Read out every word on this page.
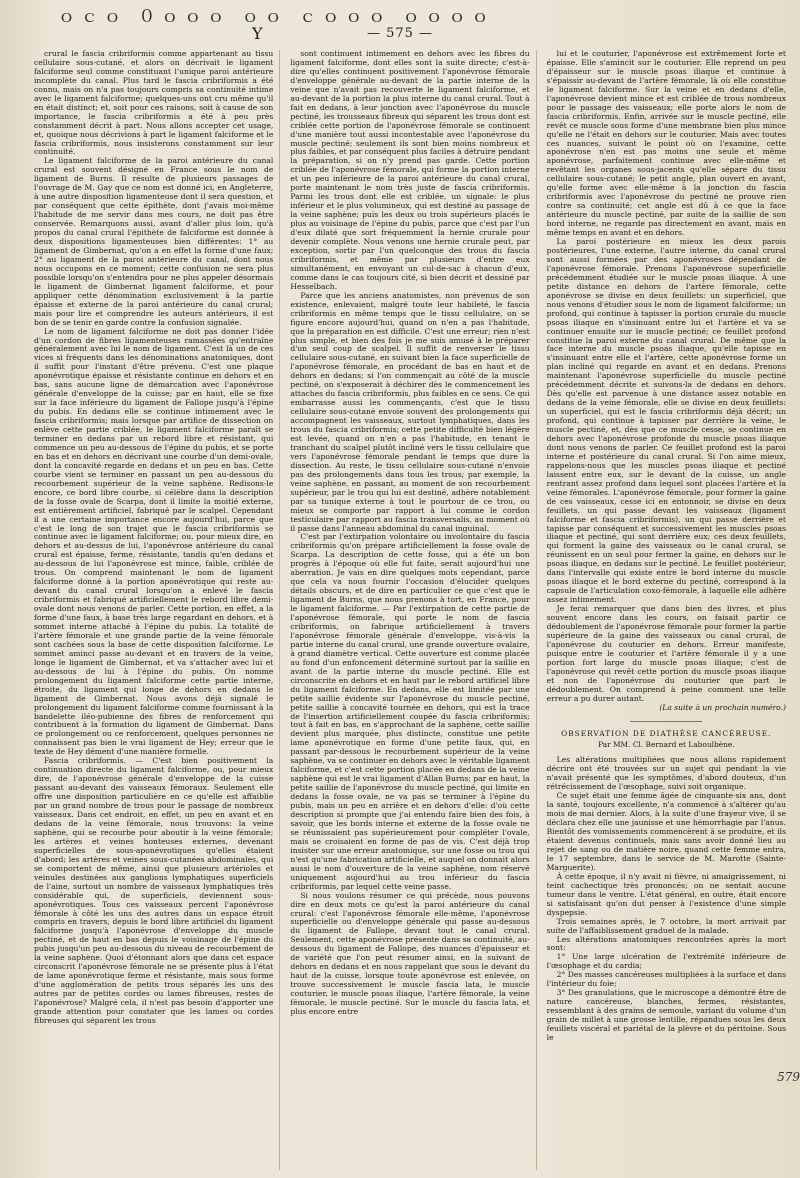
ｏｃｏ ０ｏｏｏ ｏｏ ｃｏｏｏ ｏｏｏｏ
Y	— 575 —

crural le fascia cribriformis comme appartenant au tissu cellulaire sous-cutané, et alors on décrivait le ligament falciforme seul comme constituant l'unique paroi antérieure incomplète du canal. Plus tard le fascia cribriformis a été connu, mais on n'a pas toujours compris sa continuité intime avec le ligament falciforme; quelques-uns ont cru même qu'il en était distinct; et, soit pour ces raisons, soit à cause de son importance, le fascia cribriformis a été à peu près constamment décrit à part. Nous allons accepter cet usage, et, quoique nous décrivions à part le ligament falciforme et le fascia cribriformis, nous insisterons constamment sur leur continuité.

Le ligament falciforme de la paroi antérieure du canal crural est souvent désigné en France sous le nom de ligament de Burns. Il résulte de plusieurs passages de l'ouvrage de M. Gay que ce nom est donné ici, en Angleterre, à une autre disposition ligamenteuse dont il sera question, et par conséquent que cette épithète, dont j'avais moi-même l'habitude de me servir dans mes cours, ne doit pas être conservée. Remarquons aussi, avant d'aller plus loin, qu'à propos du canal crural l'épithète de falciforme est donnée à deux dispositions ligamenteuses bien différentes: 1° au ligament de Gimbernat, qu'on a en effet la forme d'une faux; 2° au ligament de la paroi antérieure du canal, dont nous nous occupons en ce moment; cette confusion ne sera plus possible lorsqu'on s'entendra pour ne plus appeler désormais le ligament de Gimbernat ligament falciforme, et pour appliquer cette dénomination exclusivement à la partie épaisse et externe de la paroi antérieure du canal crural; mais pour lire et comprendre les auteurs antérieurs, il est bon de se tenir en garde contre la confusion signalée.

Le nom de ligament falciforme ne doit pas donner l'idée d'un cordon de fibres ligamenteuses ramassées qu'entraîne généralement avec lui le nom de ligament. C'est là un de ces vices si fréquents dans les dénominations anatomiques, dont il suffit pour l'instant d'être prévenu. C'est une plaque aponévrotique épaisse et résistante continue en dehors et en bas, sans aucune ligne de démarcation avec l'aponévrose générale d'enveloppe de la cuisse; par en haut, elle se fixe sur la face inférieure du ligament de Fallope jusqu'à l'épine du pubis. En dedans elle se continue intimement avec le fascia cribriformis; mais lorsque par artifice de dissection on enlève cette partie criblée, le ligament falciforme paraît se terminer en dedans par un rebord libre et résistant, qui commence un peu au-dessous de l'épine du pubis, et se porte en bas et en dehors en décrivant une courbe d'un demi-ovale, dont la concavité regarde en dedans et un peu en bas. Cette courbe vient se terminer en passant un peu au-dessous du recourbement supérieur de la veine saphène. Redisons-le encore, ce bord libre courbe, si célèbre dans la description de la fosse ovale de Scarpa, dont il limite la moitié externe, est entièrement artificiel, fabriqué par le scalpel. Cependant il a une certaine importance encore aujourd'hui, parce que c'est le long de son trajet que le fascia cribriformis se continue avec le ligament falciforme; ou, pour mieux dire, en dehors et au-dessus de lui, l'aponévrose antérieure du canal crural est épaisse, ferme, résistante, tandis qu'en dedans et au-dessous de lui l'aponévrose est mince, faible, criblée de trous. On comprend maintenant le nom de ligament falciforme donné à la portion aponévrotique qui reste au-devant du canal crural lorsqu'on a enlevé le fascia cribriformis et fabriqué artificiellement le rebord libre demi-ovale dont nous venons de parler. Cette portion, en effet, a la forme d'une faux, à base très large regardant en dehors, et à sommet interne attaché à l'épine du pubis. La totalité de l'artère fémorale et une grande partie de la veine fémorale sont cachées sous la base de cette disposition falciforme. Le sommet aminci passe au-devant et en travers de la veine, longe le ligament de Gimbernat, et va s'attacher avec lui et au-dessous de lui à l'épine du pubis. On nomme prolongement du ligament falciforme cette partie interne, étroite, du ligament qui longe de dehors en dedans le ligament de Gimbernat. Nous avons déjà signalé le prolongement du ligament falciforme comme fournissant à la bandelette iléo-pubienne des fibres de renforcement qui contribuent à la formation du ligament de Gimbernat. Dans ce prolongement ou ce renforcement, quelques personnes ne connaissent pas bien le vrai ligament de Hey; erreur que le texte de Hey dément d'une manière formelle.

Fascia cribriformis. — C'est bien positivement la continuation directe du ligament falciforme, ou, pour mieux dire, de l'aponévrose générale d'enveloppe de la cuisse passant au-devant des vaisseaux fémoraux. Seulement elle offre une disposition particulière en ce qu'elle est affaiblie par un grand nombre de trous pour le passage de nombreux vaisseaux. Dans cet endroit, en effet, un peu en avant et en dedans de la veine fémorale, nous trouvons: la veine saphène, qui se recourbe pour aboutir à la veine fémorale; les artères et veines honteuses externes, devenant superficielles de sous-aponévrotiques qu'elles étaient d'abord; les artères et veines sous-cutanées abdominales, qui se comportent de même, ainsi que plusieurs artérioles et veinules destinées aux ganglions lymphatiques superficiels de l'aine, surtout un nombre de vaisseaux lymphatiques très considérable qui, de superficiels, deviennent sous-aponévrotiques. Tous ces vaisseaux percent l'aponévrose fémorale à côté les uns des autres dans un espace étroit compris en travers, depuis le bord libre artificiel du ligament falciforme jusqu'à l'aponévrose d'enveloppe du muscle pectiné, et de haut en bas depuis le voisinage de l'épine du pubis jusqu'un peu au-dessous du niveau de recourbement de la veine saphène. Quoi d'étonnant alors que dans cet espace circonscrit l'aponévrose fémorale ne se présente plus à l'état de lame aponévrotique ferme et résistante, mais sous forme d'une agglomération de petits trous séparés les uns des autres par de petites cordes ou lames fibreuses, restes de l'aponévrose? Malgré cela, il n'est pas besoin d'apporter une grande attention pour constater que les lames ou cordes fibreuses qui séparent les trous

sont continuent intimement en dehors avec les fibres du ligament falciforme, dont elles sont la suite directe; c'est-à-dire qu'elles continuent positivement l'aponévrose fémorale d'enveloppe générale au-devant de la partie interne de la veine que n'avait pas recouverte le ligament falciforme, et au-devant de la portion la plus interne du canal crural. Tout à fait en dedans, à leur jonction avec l'aponévrose du muscle pectiné, les trousseaux fibreux qui séparent les trous dont est criblée cette portion de l'aponévrose fémorale se continuent d'une manière tout aussi incontestable avec l'aponévrose du muscle pectiné; seulement ils sont bien moins nombreux et plus faibles, et par conséquent plus faciles à détruire pendant la préparation, si on n'y prend pas garde. Cette portion criblée de l'aponévrose fémorale, qui forme la portion interne et un peu inférieure de la paroi antérieure du canal crural, porte maintenant le nom très juste de fascia cribriformis. Parmi les trous dont elle est criblée, un signale: le plus inférieur et le plus volumineux, qui est destiné au passage de la veine saphène; puis les deux ou trois supérieurs placés le plus au voisinage de l'épine du pubis, parce que c'est par l'un d'eux dilaté que sort fréquemment la hernie crurale pour devenir complète. Nous venons une hernie crurale peut, par exception, sortir par l'un quelconque des trous du fascia cribriformis, et même par plusieurs d'entre eux simultanément, en envoyant un cul-de-sac à chacun d'eux, comme dans le cas toujours cité, si bien décrit et dessiné par Hesselbach.

Parce que les anciens anatomistes, non prévenus de son existence, enlevaient, malgré toute leur habileté, le fascia cribriformis en même temps que le tissu cellulaire, on se figure encore aujourd'hui, quand on n'en a pas l'habitude, que la préparation en est difficile. C'est une erreur; rien n'est plus simple, et bien des fois je me suis amusé à le préparer d'un seul coup de scalpel. Il suffit de renverser le tissu cellulaire sous-cutané, en suivant bien la face superficielle de l'aponévrose fémorale, en procédant de bas en haut et de dehors en dedans; si l'on commençait au côté de la muscle pectiné, on s'exposerait à déchirer dès le commencement les attaches du fascia cribriformis, plus faibles en ce sens. Ce qui embarrasse aussi les commençants, c'est que le tissu cellulaire sous-cutané envoie souvent des prolongements qui accompagnent les vaisseaux, surtout lymphatiques, dans les trous du fascia cribriformis; cette petite difficulté bien légère est levée, quand on n'en a pas l'habitude, en tenant le tranchant du scalpel plutôt incliné vers le tissu cellulaire que vers l'aponévrose fémorale pendant le temps que dure la dissection. Au reste, le tissu cellulaire sous-cutané n'envoie pas des prolongements dans tous les trous; par exemple, la veine saphène, en passant, au moment de son recourbement supérieur, par le trou qui lui est destiné, adhère notablement par sa tunique externe à tout le pourtour de ce trou, ou mieux se comporte par rapport à lui comme le cordon testiculaire par rapport au fascia transversalis, au moment où il passe dans l'anneau abdominal du canal inguinal.

C'est par l'extirpation volontaire ou involontaire du fascia cribriformis qu'on prépare artificiellement la fosse ovale de Scarpa. La description de cette fosse, qui a été un bon progrès à l'époque où elle fut faite, serait aujourd'hui une aberration. Je vais en dire quelques mots cependant, parce que cela va nous fournir l'occasion d'élucider quelques détails obscurs, et de dire en particulier ce que c'est que le ligament de Burns, que nous prenons à tort, en France, pour le ligament falciforme. — Par l'extirpation de cette partie de l'aponévrose fémorale, qui porte le nom de fascia cribriformis, on fabrique artificiellement à travers l'aponévrose fémorale générale d'enveloppe, vis-à-vis la partie interne du canal crural, une grande ouverture ovalaire, à grand diamètre vertical. Cette ouverture est comme placée au fond d'un enfoncement déterminé surtout par la saillie en avant de la partie interne du muscle pectiné. Elle est circonscrite en dehors et en haut par le rebord artificiel libre du ligament falciforme. En dedans, elle est limitée par une petite saillie évidente sur l'aponévrose du muscle pectiné, petite saillie à concavité tournée en dehors, qui est la trace de l'insertion artificiellement coupée du fascia cribriformis; tout à fait en bas, en s'approchant de la saphène, cette saillie devient plus marquée, plus distincte, constitue une petite lame aponévrotique en forme d'une petite faux, qui, en passant par-dessous le recourbement supérieur de la veine saphène, va se continuer en dehors avec le véritable ligament falciforme, et c'est cette portion placée en dedans de la veine saphène qui est le vrai ligament d'Allan Burns; par en haut, la petite saillie de l'aponévrose du muscle pectiné, qui limite en dedans la fosse ovale, ne va pas se terminer à l'épine du pubis, mais un peu en arrière et en dehors d'elle: d'où cette description si prompte que j'ai entendu faire bien des fois, à savoir, que les bords interne et externe de la fosse ovale ne se réunissaient pas supérieurement pour compléter l'ovale, mais se croisaient en forme de pas de vis. C'est déjà trop insister sur une erreur anatomique, sur une fosse ou trou qui n'est qu'une fabrication artificielle, et auquel on donnait alors aussi le nom d'ouverture de la veine saphène, nom réservé uniquement aujourd'hui au trou inférieur du fascia cribriformis, par lequel cette veine passe.

Si nous voulons résumer ce qui précède, nous pouvons dire en deux mots ce qu'est la paroi antérieure du canal crural: c'est l'aponévrose fémorale elle-même, l'aponévrose superficielle ou d'enveloppe générale qui passe au-dessous du ligament de Fallope, devant tout le canal crural. Seulement, cette aponévrose présente dans sa continuité, au-dessous du ligament de Fallope, des nuances d'épaisseur et de variété que l'on peut résumer ainsi, en la suivant de dehors en dedans et en nous rappelant que sous le devant du haut de la cuisse, lorsque toute aponévrose est enlevée, on trouve successivement le muscle fascia lata, le muscle couturier, le muscle psoas iliaque, l'artère fémorale, la veine fémorale, le muscle pectiné. Sur le muscle du fascia lata, et plus encore entre

lui et le couturier, l'aponévrose est extrêmement forte et épaisse. Elle s'amincit sur le couturier. Elle reprend un peu d'épaisseur sur le muscle psoas iliaque et continue à s'épaissir au-devant de l'artère fémorale, là où elle constitue le ligament falciforme. Sur la veine et en dedans d'elle, l'aponévrose devient mince et est criblée de trous nombreux pour le passage des vaisseaux; elle porte alors le nom de fascia cribriformis. Enfin, arrivée sur le muscle pectiné, elle revêt ce muscle sous forme d'une membrane bien plus mince qu'elle ne l'était en dehors sur le couturier. Mais avec toutes ces nuances, suivant le point où on l'examine, cette aponévrose n'en est pas moins une seule et même aponévrose, parfaitement continue avec elle-même et revêtant les organes sous-jacents qu'elle sépare du tissu cellulaire sous-cutané; le petit angle, plan ouvert en avant, qu'elle forme avec elle-même à la jonction du fascia cribriformis avec l'aponévrose du pectiné ne prouve rien contre sa continuité; cet angle est dû à ce que la face antérieure du muscle pectiné, par suite de la saillie de son bord interne, ne regarde pas directement en avant, mais en même temps en avant et en dehors.

La paroi postérieure en mieux les deux parois postérieures, l'une externe, l'autre interne, du canal crural sont aussi formées par des aponévroses dépendant de l'aponévrose fémorale. Prenons l'aponévrose superficielle précédemment étudiée sur le muscle psoas iliaque. À une petite distance en dehors de l'artère fémorale, cette aponévrose se divise en deux feuillets: un superficiel, que nous venons d'étudier sous le nom de ligament falciforme; un profond, qui continue à tapisser la portion crurale du muscle psoas iliaque en s'insinuant entre lui et l'artère et va se continuer ensuite sur le muscle pectiné; ce feuillet profond constitue la paroi externe du canal crural. De même que la face interne du muscle psoas iliaque, qu'elle tapisse en s'insinuant entre elle et l'artère, cette aponévrose forme un plan incliné qui regarde en avant et en dedans. Prenons maintenant l'aponévrose superficielle du muscle pectiné précédemment décrite et suivons-la de dedans en dehors. Dès qu'elle est parvenue à une distance assez notable en dedans de la veine fémorale, elle se divise en deux feuillets: un superficiel, qui est le fascia cribriformis déjà décrit; un profond, qui continue à tapisser par derrière la veine, le muscle pectiné, et, dès que ce muscle cesse, se continue en dehors avec l'aponévrose profonde du muscle psoas iliaque dont nous venons de parler. Ce feuillet profond est la paroi interne et postérieure du canal crural. Si l'on aime mieux, rappelons-nous que les muscles psoas iliaque et pectiné laissent entre eux, sur le devant de la cuisse, un angle rentrant assez profond dans lequel sont placées l'artère et la veine fémorales. L'aponévrose fémorale, pour former la gaine de ces vaisseaux, cesse ici en entonnoir, se divise en deux feuillets, un qui passe devant les vaisseaux (ligament falciforme et fascia cribriformis), un qui passe derrière et tapisse par conséquent et successivement les muscles psoas iliaque et pectiné, qui sont derrière eux; ces deux feuillets, qui forment la gaine des vaisseaux ou le canal crural, se réunissent en un seul pour fermer la gaine, en dehors sur le psoas iliaque, en dedans sur le pectiné. Le feuillet postérieur, dans l'intervalle qui existe entre le bord interne du muscle psoas iliaque et le bord externe du pectiné, correspond à la capsule de l'articulation coxo-fémorale, à laquelle elle adhère assez intimement.

Je ferai remarquer que dans bien des livres, et plus souvent encore dans les cours, on faisait partir ce dédoublement de l'aponévrose fémorale pour former la partie supérieure de la gaine des vaisseaux ou canal crural, de l'aponévrose du couturier en dehors. Erreur manifeste, puisque entre le couturier et l'artère fémorale il y a une portion fort large du muscle psoas iliaque; c'est de l'aponévrose qui revêt cette portion du muscle psoas iliaque et non de l'aponévrose du couturier que part le dédoublement. On comprend à peine comment une telle erreur a pu durer autant.

(La suite à un prochain numéro.)

OBSERVATION DE DIATHÈSE CANCÉREUSE.
Par MM. Cl. Bernard et Laboulbène.

Les altérations multipliées que nous allons rapidement décrire ont été trouvées sur un sujet qui pendant la vie n'avait présenté que les symptômes, d'abord douteux, d'un rétrécissement de l'œsophage, suivi soit organique.

Ce sujet était une femme âgée de cinquante-six ans, dont la santé, toujours excellente, n'a commencé à s'altérer qu'au mois de mai dernier. Alors, à la suite d'une frayeur vive, il se déclara chez elle une jaunisse et une hémorrhagie par l'anus. Bientôt des vomissements commencèrent à se produire, et ils étaient devenus continuels, mais sans avoir donné lieu au rejet de sang ou de matière noire, quand cette femme entra, le 17 septembre, dans le service de M. Marotte (Sainte-Marguerite).

À cette époque, il n'y avait ni fièvre, ni amaigrissement, ni teint cachectique très prononcés; on ne sentait aucune tumeur dans le ventre. L'état général, en outre, était encore si satisfaisant qu'on dut penser à l'existence d'une simple dyspepsie.

Trois semaines après, le 7 octobre, la mort arrivait par suite de l'affaiblissement graduel de la malade.

Les altérations anatomiques rencontrées après la mort sont:

1° Une large ulcération de l'extrémité inférieure de l'œsophage et du cardia;

2° Des masses cancéreuses multipliées à la surface et dans l'intérieur du foie;

3° Des granulations, que le microscope a démontré être de nature cancéreuse, blanches, fermes, résistantes, ressemblant à des grains de semoule, variant du volume d'un grain de millet à une grosse lentille, répandues sous les deux feuillets viscéral et pariétal de la plèvre et du péritoine. Sous le

579
